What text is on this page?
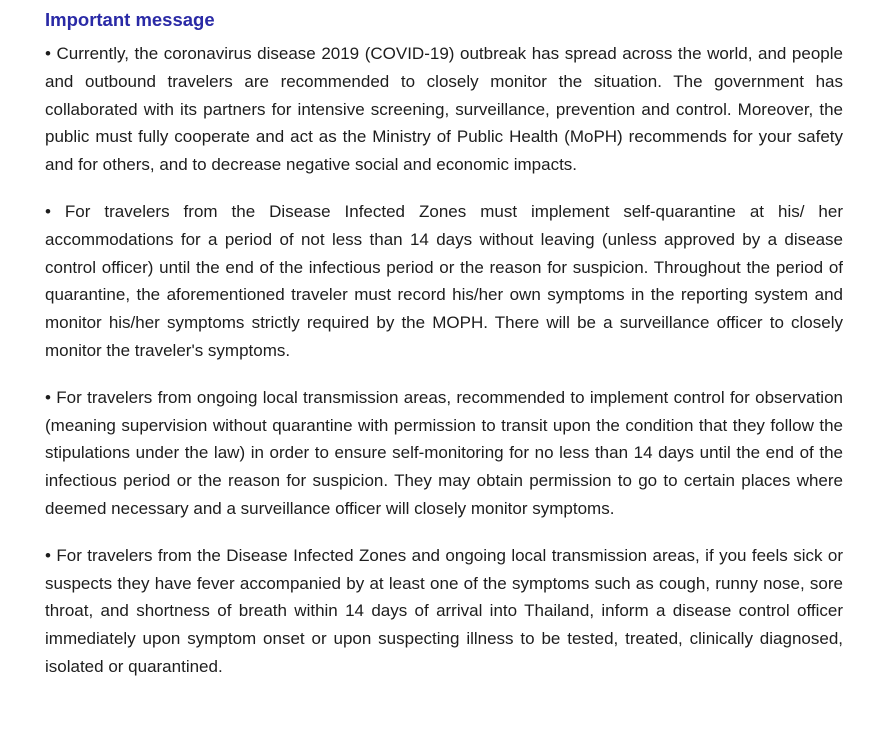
Important message

• Currently, the coronavirus disease 2019 (COVID-19) outbreak has spread across the world, and people and outbound travelers are recommended to closely monitor the situation. The government has collaborated with its partners for intensive screening, surveillance, prevention and control. Moreover, the public must fully cooperate and act as the Ministry of Public Health (MoPH) recommends for your safety and for others, and to decrease negative social and economic impacts.

• For travelers from the Disease Infected Zones must implement self-quarantine at his/ her accommodations for a period of not less than 14 days without leaving (unless approved by a disease control officer) until the end of the infectious period or the reason for suspicion. Throughout the period of quarantine, the aforementioned traveler must record his/her own symptoms in the reporting system and monitor his/her symptoms strictly required by the MOPH. There will be a surveillance officer to closely monitor the traveler's symptoms.

• For travelers from ongoing local transmission areas, recommended to implement control for observation (meaning supervision without quarantine with permission to transit upon the condition that they follow the stipulations under the law) in order to ensure self-monitoring for no less than 14 days until the end of the infectious period or the reason for suspicion. They may obtain permission to go to certain places where deemed necessary and a surveillance officer will closely monitor symptoms.

• For travelers from the Disease Infected Zones and ongoing local transmission areas, if you feels sick or suspects they have fever accompanied by at least one of the symptoms such as cough, runny nose, sore throat, and shortness of breath within 14 days of arrival into Thailand, inform a disease control officer immediately upon symptom onset or upon suspecting illness to be tested, treated, clinically diagnosed, isolated or quarantined.
